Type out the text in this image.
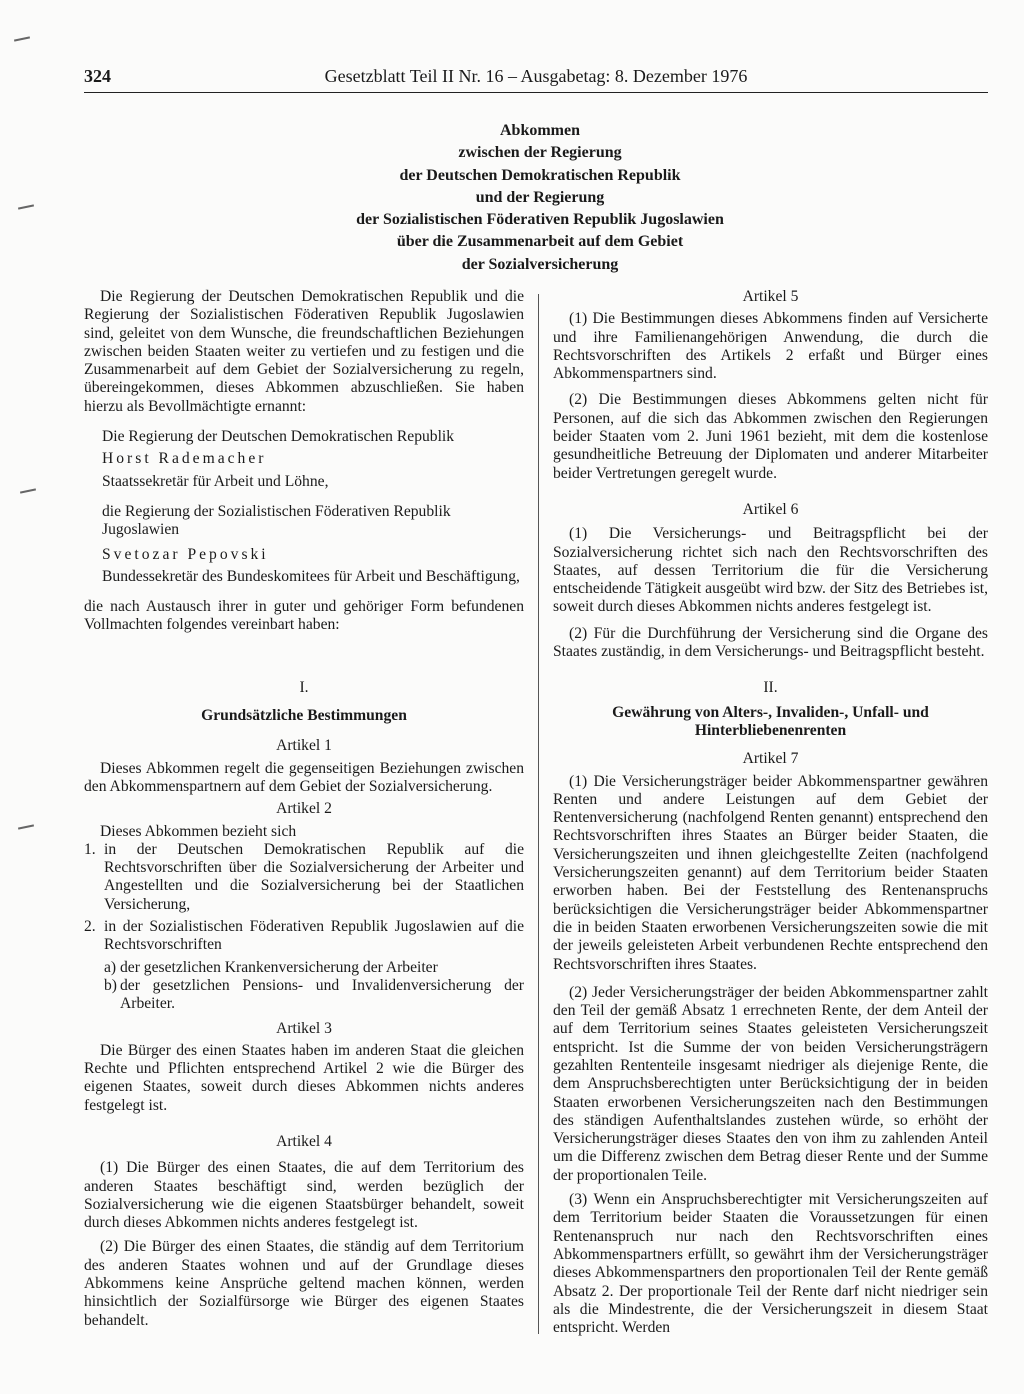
324	Gesetzblatt Teil II Nr. 16 – Ausgabetag: 8. Dezember 1976
Abkommen
zwischen der Regierung
der Deutschen Demokratischen Republik
und der Regierung
der Sozialistischen Föderativen Republik Jugoslawien
über die Zusammenarbeit auf dem Gebiet
der Sozialversicherung

Die Regierung der Deutschen Demokratischen Republik und die Regierung der Sozialistischen Föderativen Republik Jugoslawien sind, geleitet von dem Wunsche, die freundschaftlichen Beziehungen zwischen beiden Staaten weiter zu vertiefen und zu festigen und die Zusammenarbeit auf dem Gebiet der Sozialversicherung zu regeln, übereingekommen, dieses Abkommen abzuschließen. Sie haben hierzu als Bevollmächtigte ernannt:

Die Regierung der Deutschen Demokratischen Republik

Horst Rademacher

Staatssekretär für Arbeit und Löhne,

die Regierung der Sozialistischen Föderativen Republik Jugoslawien

Svetozar Pepovski

Bundessekretär des Bundeskomitees für Arbeit und Beschäftigung,

die nach Austausch ihrer in guter und gehöriger Form befundenen Vollmachten folgendes vereinbart haben:

I.

Grundsätzliche Bestimmungen

Artikel 1

Dieses Abkommen regelt die gegenseitigen Beziehungen zwischen den Abkommenspartnern auf dem Gebiet der Sozialversicherung.

Artikel 2

Dieses Abkommen bezieht sich

1. in der Deutschen Demokratischen Republik auf die Rechtsvorschriften über die Sozialversicherung der Arbeiter und Angestellten und die Sozialversicherung bei der Staatlichen Versicherung,
2. in der Sozialistischen Föderativen Republik Jugoslawien auf die Rechtsvorschriften
a) der gesetzlichen Krankenversicherung der Arbeiter
b) der gesetzlichen Pensions- und Invalidenversicherung der Arbeiter.

Artikel 3

Die Bürger des einen Staates haben im anderen Staat die gleichen Rechte und Pflichten entsprechend Artikel 2 wie die Bürger des eigenen Staates, soweit durch dieses Abkommen nichts anderes festgelegt ist.

Artikel 4

(1) Die Bürger des einen Staates, die auf dem Territorium des anderen Staates beschäftigt sind, werden bezüglich der Sozialversicherung wie die eigenen Staatsbürger behandelt, soweit durch dieses Abkommen nichts anderes festgelegt ist.

(2) Die Bürger des einen Staates, die ständig auf dem Territorium des anderen Staates wohnen und auf der Grundlage dieses Abkommens keine Ansprüche geltend machen können, werden hinsichtlich der Sozialfürsorge wie Bürger des eigenen Staates behandelt.

Artikel 5

(1) Die Bestimmungen dieses Abkommens finden auf Versicherte und ihre Familienangehörigen Anwendung, die durch die Rechtsvorschriften des Artikels 2 erfaßt und Bürger eines Abkommenspartners sind.

(2) Die Bestimmungen dieses Abkommens gelten nicht für Personen, auf die sich das Abkommen zwischen den Regierungen beider Staaten vom 2. Juni 1961 bezieht, mit dem die kostenlose gesundheitliche Betreuung der Diplomaten und anderer Mitarbeiter beider Vertretungen geregelt wurde.

Artikel 6

(1) Die Versicherungs- und Beitragspflicht bei der Sozialversicherung richtet sich nach den Rechtsvorschriften des Staates, auf dessen Territorium die für die Versicherung entscheidende Tätigkeit ausgeübt wird bzw. der Sitz des Betriebes ist, soweit durch dieses Abkommen nichts anderes festgelegt ist.

(2) Für die Durchführung der Versicherung sind die Organe des Staates zuständig, in dem Versicherungs- und Beitragspflicht besteht.

II.

Gewährung von Alters-, Invaliden-, Unfall- und

Hinterbliebenenrenten

Artikel 7

(1) Die Versicherungsträger beider Abkommenspartner gewähren Renten und andere Leistungen auf dem Gebiet der Rentenversicherung (nachfolgend Renten genannt) entsprechend den Rechtsvorschriften ihres Staates an Bürger beider Staaten, die Versicherungszeiten und ihnen gleichgestellte Zeiten (nachfolgend Versicherungszeiten genannt) auf dem Territorium beider Staaten erworben haben. Bei der Feststellung des Rentenanspruchs berücksichtigen die Versicherungsträger beider Abkommenspartner die in beiden Staaten erworbenen Versicherungszeiten sowie die mit der jeweils geleisteten Arbeit verbundenen Rechte entsprechend den Rechtsvorschriften ihres Staates.

(2) Jeder Versicherungsträger der beiden Abkommenspartner zahlt den Teil der gemäß Absatz 1 errechneten Rente, der dem Anteil der auf dem Territorium seines Staates geleisteten Versicherungszeit entspricht. Ist die Summe der von beiden Versicherungsträgern gezahlten Rententeile insgesamt niedriger als diejenige Rente, die dem Anspruchsberechtigten unter Berücksichtigung der in beiden Staaten erworbenen Versicherungszeiten nach den Bestimmungen des ständigen Aufenthaltslandes zustehen würde, so erhöht der Versicherungsträger dieses Staates den von ihm zu zahlenden Anteil um die Differenz zwischen dem Betrag dieser Rente und der Summe der proportionalen Teile.

(3) Wenn ein Anspruchsberechtigter mit Versicherungszeiten auf dem Territorium beider Staaten die Voraussetzungen für einen Rentenanspruch nur nach den Rechtsvorschriften eines Abkommenspartners erfüllt, so gewährt ihm der Versicherungsträger dieses Abkommenspartners den proportionalen Teil der Rente gemäß Absatz 2. Der proportionale Teil der Rente darf nicht niedriger sein als die Mindestrente, die der Versicherungszeit in diesem Staat entspricht. Werden
